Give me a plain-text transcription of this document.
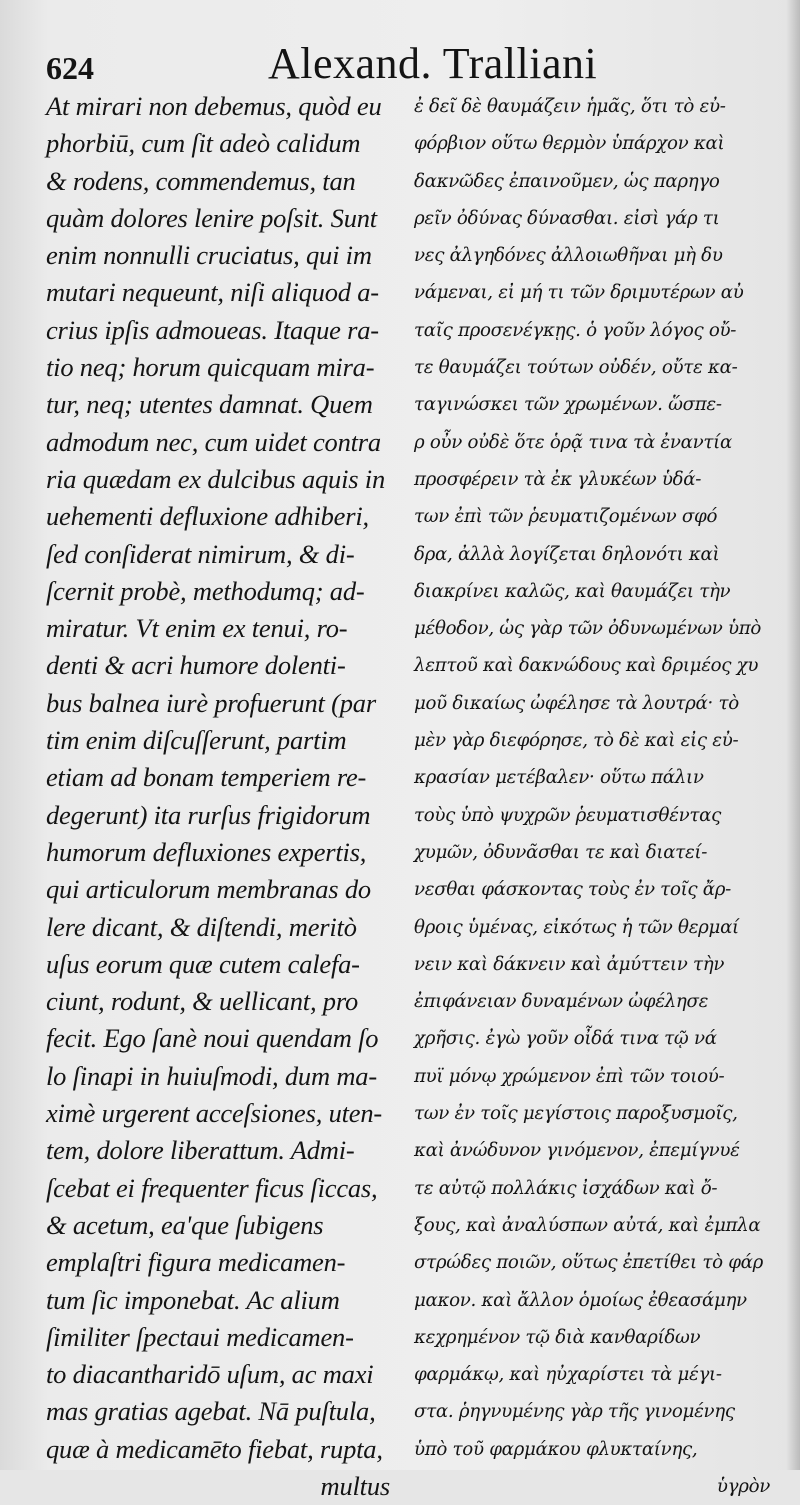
624	Alexand. Tralliani
At mirari non debemus, quòd eu
phorbiū, cum ſit adeò calidum
& rodens, commendemus, tan
quàm dolores lenire poſsit. Sunt
enim nonnulli cruciatus, qui im
mutari nequeunt, niſi aliquod a-
crius ipſis admoueas. Itaque ra-
tio neq; horum quicquam mira-
tur, neq; utentes damnat. Quem
admodum nec, cum uidet contra
ria quædam ex dulcibus aquis in
uehementi defluxione adhiberi,
ſed conſiderat nimirum, & di-
ſcernit probè, methodumq; ad-
miratur. Vt enim ex tenui, ro-
denti & acri humore dolenti-
bus balnea iurè profuerunt (par
tim enim diſcuſſerunt, partim
etiam ad bonam temperiem re-
degerunt) ita rurſus frigidorum
humorum defluxiones expertis,
qui articulorum membranas do
lere dicant, & diſtendi, meritò
uſus eorum quæ cutem calefa-
ciunt, rodunt, & uellicant, pro
fecit. Ego ſanè noui quendam ſo
lo ſinapi in huiuſmodi, dum ma-
ximè urgerent acceſsiones, uten-
tem, dolore liberattum. Admi-
ſcebat ei frequenter ficus ſiccas,
& acetum, ea'que ſubigens
emplaſtri figura medicamen-
tum ſic imponebat. Ac alium
ſimiliter ſpectaui medicamen-
to diacantharidō uſum, ac maxi
mas gratias agebat. Nā puſtula,
quæ à medicamēto fiebat, rupta,
multus
ἐ δεῖ δὲ θαυμάζειν ἡμᾶς, ὅτι τὸ εὐ-
φόρβιον οὕτω θερμὸν ὑπάρχον καὶ
δακνῶδες ἐπαινοῦμεν, ὡς παρηγο
ρεῖν ὀδύνας δύνασθαι. εἰσὶ γάρ τι
νες ἀλγηδόνες ἀλλοιωθῆναι μὴ δυ
νάμεναι, εἰ μή τι τῶν δριμυτέρων αὐ
ταῖς προσενέγκῃς. ὁ γοῦν λόγος οὔ-
τε θαυμάζει τούτων οὐδέν, οὔτε κα-
ταγινώσκει τῶν χρωμένων. ὥσπε-
ρ οὖν οὐδὲ ὅτε ὁρᾷ τινα τὰ ἐναντία
προσφέρειν τὰ ἐκ γλυκέων ὑδά-
των ἐπὶ τῶν ῥευματιζομένων σφό
δρα, ἀλλὰ λογίζεται δηλονότι καὶ
διακρίνει καλῶς, καὶ θαυμάζει τὴν
μέθοδον, ὡς γὰρ τῶν ὀδυνωμένων ὑπὸ
λεπτοῦ καὶ δακνώδους καὶ δριμέος χυ
μοῦ δικαίως ὠφέλησε τὰ λουτρά· τὸ
μὲν γὰρ διεφόρησε, τὸ δὲ καὶ εἰς εὐ-
κρασίαν μετέβαλεν· οὕτω πάλιν
τοὺς ὑπὸ ψυχρῶν ῥευματισθέντας
χυμῶν, ὀδυνᾶσθαι τε καὶ διατεί-
νεσθαι φάσκοντας τοὺς ἐν τοῖς ἄρ-
θροις ὑμένας, εἰκότως ἡ τῶν θερμαί
νειν καὶ δάκνειν καὶ ἀμύττειν τὴν
ἐπιφάνειαν δυναμένων ὠφέλησε
χρῆσις. ἐγὼ γοῦν οἶδά τινα τῷ νά
πυϊ μόνῳ χρώμενον ἐπὶ τῶν τοιού-
των ἐν τοῖς μεγίστοις παροξυσμοῖς,
καὶ ἀνώδυνον γινόμενον, ἐπεμίγνυέ
τε αὐτῷ πολλάκις ἰσχάδων καὶ ὄ-
ξους, καὶ ἀναλύσπων αὐτά, καὶ ἐμπλα
στρώδες ποιῶν, οὕτως ἐπετίθει τὸ φάρ
μακον. καὶ ἄλλον ὁμοίως ἐθεασάμην
κεχρημένον τῷ διὰ κανθαρίδων
φαρμάκῳ, καὶ ηὐχαρίστει τὰ μέγι-
στα. ῥηγνυμένης γὰρ τῆς γινομένης
ὑπὸ τοῦ φαρμάκου φλυκταίνης,
ὑγρὸν
